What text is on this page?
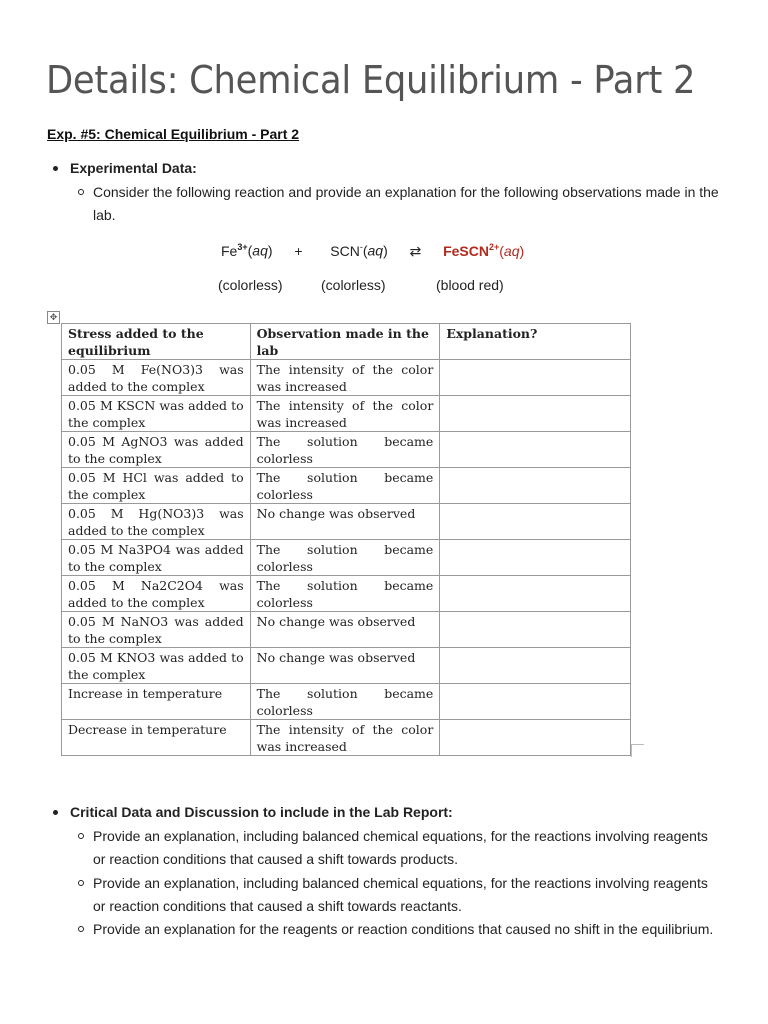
Details: Chemical Equilibrium - Part 2

Exp. #5: Chemical Equilibrium - Part 2

Experimental Data:
Consider the following reaction and provide an explanation for the following observations made in the lab.
$Fe^{3+}(aq) + SCN^-(aq)$ ⇄ FeSCN$^{2+}$(aq)
(colorless)	(colorless)	(blood red)
✥
Stress added to the equilibrium	Observation made in the lab	Explanation?
0.05 M Fe(NO3)3 was added to the complex	The intensity of the color was increased	
0.05 M KSCN was added to the complex	The intensity of the color was increased	
0.05 M AgNO3 was added to the complex	The solution became colorless	
0.05 M HCl was added to the complex	The solution became colorless	
0.05 M Hg(NO3)3 was added to the complex	No change was observed	
0.05 M Na3PO4 was added to the complex	The solution became colorless	
0.05 M Na2C2O4 was added to the complex	The solution became colorless	
0.05 M NaNO3 was added to the complex	No change was observed	
0.05 M KNO3 was added to the complex	No change was observed	
Increase in temperature	The solution became colorless	
Decrease in temperature	The intensity of the color was increased	
Critical Data and Discussion to include in the Lab Report:
Provide an explanation, including balanced chemical equations, for the reactions involving reagents or reaction conditions that caused a shift towards products.
Provide an explanation, including balanced chemical equations, for the reactions involving reagents or reaction conditions that caused a shift towards reactants.
Provide an explanation for the reagents or reaction conditions that caused no shift in the equilibrium.
